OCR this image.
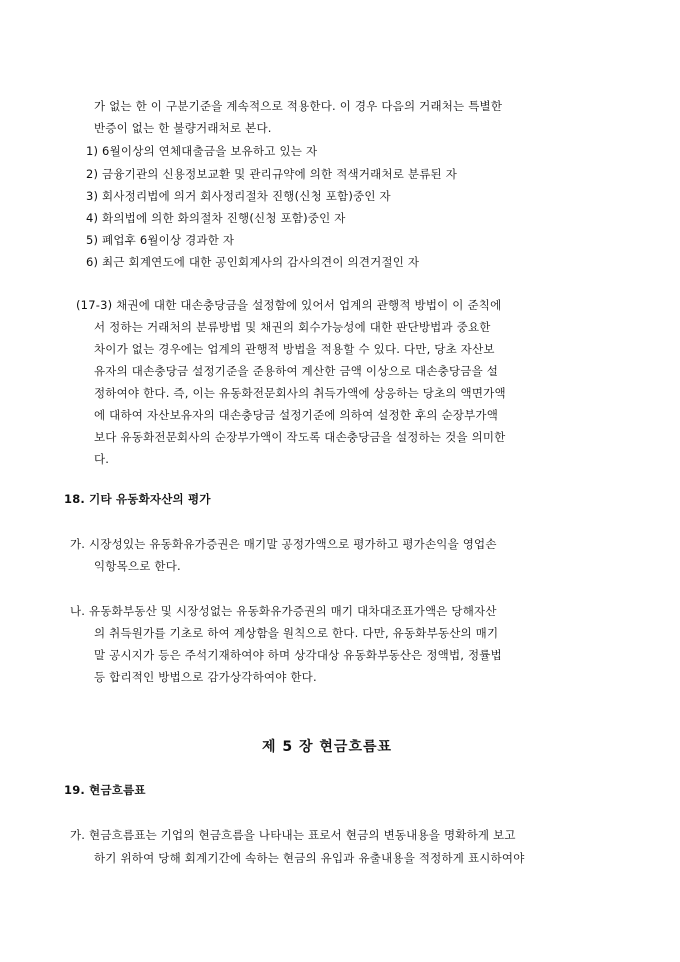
가 없는 한 이 구분기준을 계속적으로 적용한다. 이 경우 다음의 거래처는 특별한
반증이 없는 한 불량거래처로 본다.
1) 6월이상의 연체대출금을 보유하고 있는 자
2) 금융기관의 신용정보교환 및 관리규약에 의한 적색거래처로 분류된 자
3) 회사정리법에 의거 회사정리절차 진행(신청 포함)중인 자
4) 화의법에 의한 화의절차 진행(신청 포함)중인 자
5) 폐업후 6월이상 경과한 자
6) 최근 회계연도에 대한 공인회계사의 감사의견이 의견거절인 자
(17-3) 채권에 대한 대손충당금을 설정함에 있어서 업계의 관행적 방법이 이 준칙에
서 정하는 거래처의 분류방법 및 채권의 회수가능성에 대한 판단방법과 중요한
차이가 없는 경우에는 업계의 관행적 방법을 적용할 수 있다. 다만, 당초 자산보
유자의 대손충당금 설정기준을 준용하여 계산한 금액 이상으로 대손충당금을 설
정하여야 한다. 즉, 이는 유동화전문회사의 취득가액에 상응하는 당초의 액면가액
에 대하여 자산보유자의 대손충당금 설정기준에 의하여 설정한 후의 순장부가액
보다 유동화전문회사의 순장부가액이 작도록 대손충당금을 설정하는 것을 의미한
다.
18. 기타 유동화자산의 평가
가. 시장성있는 유동화유가증권은 매기말 공정가액으로 평가하고 평가손익을 영업손
익항목으로 한다.
나. 유동화부동산 및 시장성없는 유동화유가증권의 매기 대차대조표가액은 당해자산
의 취득원가를 기초로 하여 계상함을 원칙으로 한다. 다만, 유동화부동산의 매기
말 공시지가 등은 주석기재하여야 하며 상각대상 유동화부동산은 정액법, 정률법
등 합리적인 방법으로 감가상각하여야 한다.
제 5 장 현금흐름표
19. 현금흐름표
가. 현금흐름표는 기업의 현금흐름을 나타내는 표로서 현금의 변동내용을 명확하게 보고
하기 위하여 당해 회계기간에 속하는 현금의 유입과 유출내용을 적정하게 표시하여야
